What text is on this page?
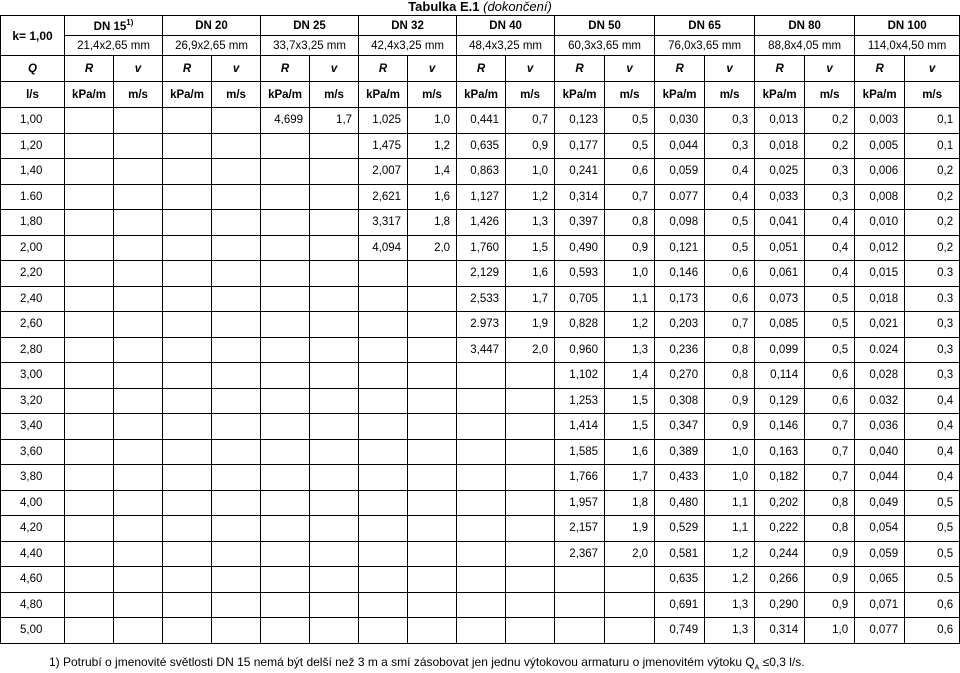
Tabulka E.1 (dokončení)
k= 1,00	DN 15$^{1)}$		DN 20		DN 25		DN 32		DN 40		DN 50		DN 65		DN 80		DN 100	
	21,4x2,65 mm		26,9x2,65 mm		33,7x3,25 mm		42,4x3,25 mm		48,4x3,25 mm		60,3x3,65 mm		76,0x3,65 mm		88,8x4,05 mm		114,0x4,50 mm	
Q	R	v	R	v	R	v	R	v	R	v	R	v	R	v	R	v	R	v
l/s	kPa/m	m/s	kPa/m	m/s	kPa/m	m/s	kPa/m	m/s	kPa/m	m/s	kPa/m	m/s	kPa/m	m/s	kPa/m	m/s	kPa/m	m/s
1,00					4,699	1,7	1,025	1,0	0,441	0,7	0,123	0,5	0,030	0,3	0,013	0,2	0,003	0,1
1,20							1,475	1,2	0,635	0,9	0,177	0,5	0,044	0,3	0,018	0,2	0,005	0,1
1,40							2,007	1,4	0,863	1,0	0,241	0,6	0,059	0,4	0,025	0,3	0,006	0,2
1.60							2,621	1,6	1,127	1,2	0,314	0,7	0.077	0,4	0,033	0,3	0,008	0,2
1,80							3,317	1,8	1,426	1,3	0,397	0,8	0,098	0,5	0,041	0,4	0,010	0,2
2,00							4,094	2,0	1,760	1,5	0,490	0,9	0,121	0,5	0,051	0,4	0,012	0,2
2,20									2,129	1,6	0,593	1,0	0,146	0,6	0,061	0,4	0,015	0.3
2,40									2,533	1,7	0,705	1,1	0,173	0,6	0,073	0,5	0,018	0.3
2,60									2.973	1,9	0,828	1,2	0,203	0,7	0,085	0,5	0,021	0,3
2,80									3,447	2,0	0,960	1,3	0,236	0,8	0,099	0,5	0.024	0,3
3,00											1,102	1,4	0,270	0,8	0,114	0,6	0,028	0,3
3,20											1,253	1,5	0,308	0,9	0,129	0,6	0.032	0,4
3,40											1,414	1,5	0,347	0,9	0,146	0,7	0,036	0,4
3,60											1,585	1,6	0,389	1,0	0,163	0,7	0,040	0,4
3,80											1,766	1,7	0,433	1,0	0,182	0,7	0,044	0,4
4,00											1,957	1,8	0,480	1,1	0,202	0,8	0,049	0,5
4,20											2,157	1,9	0,529	1,1	0,222	0,8	0,054	0,5
4,40											2,367	2,0	0,581	1,2	0,244	0,9	0,059	0,5
4,60													0,635	1,2	0,266	0,9	0,065	0.5
4,80													0,691	1,3	0,290	0,9	0,071	0,6
5,00													0,749	1,3	0,314	1,0	0,077	0,6
1) Potrubí o jmenovité světlosti DN 15 nemá být delší než 3 m a smí zásobovat jen jednu výtokovou armaturu o jmenovitém výtoku $Q_A \le 0,3$ l/s.
